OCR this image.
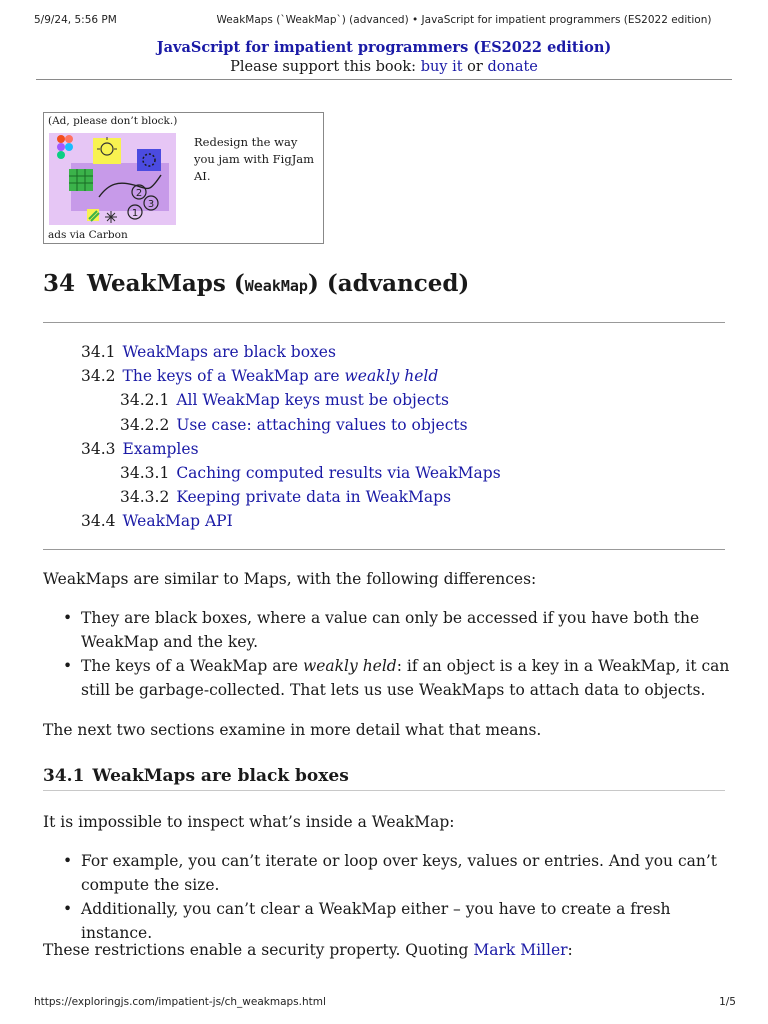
5/9/24, 5:56 PM	WeakMaps (`WeakMap`) (advanced) • JavaScript for impatient programmers (ES2022 edition)
JavaScript for impatient programmers (ES2022 edition)
Please support this book: buy it or donate
(Ad, please don’t block.)
2
3
1
Redesign the way you jam with FigJam AI.
ads via Carbon
34 WeakMaps (WeakMap) (advanced)
34.1 WeakMaps are black boxes
34.2 The keys of a WeakMap are weakly held
34.2.1 All WeakMap keys must be objects
34.2.2 Use case: attaching values to objects
34.3 Examples
34.3.1 Caching computed results via WeakMaps
34.3.2 Keeping private data in WeakMaps
34.4 WeakMap API

WeakMaps are similar to Maps, with the following differences:

• They are black boxes, where a value can only be accessed if you have both the WeakMap and the key.
• The keys of a WeakMap are weakly held: if an object is a key in a WeakMap, it can still be garbage-collected. That lets us use WeakMaps to attach data to objects.

The next two sections examine in more detail what that means.

34.1 WeakMaps are black boxes

It is impossible to inspect what’s inside a WeakMap:

• For example, you can’t iterate or loop over keys, values or entries. And you can’t compute the size.
• Additionally, you can’t clear a WeakMap either – you have to create a fresh instance.

These restrictions enable a security property. Quoting Mark Miller:

https://exploringjs.com/impatient-js/ch_weakmaps.html	1/5
